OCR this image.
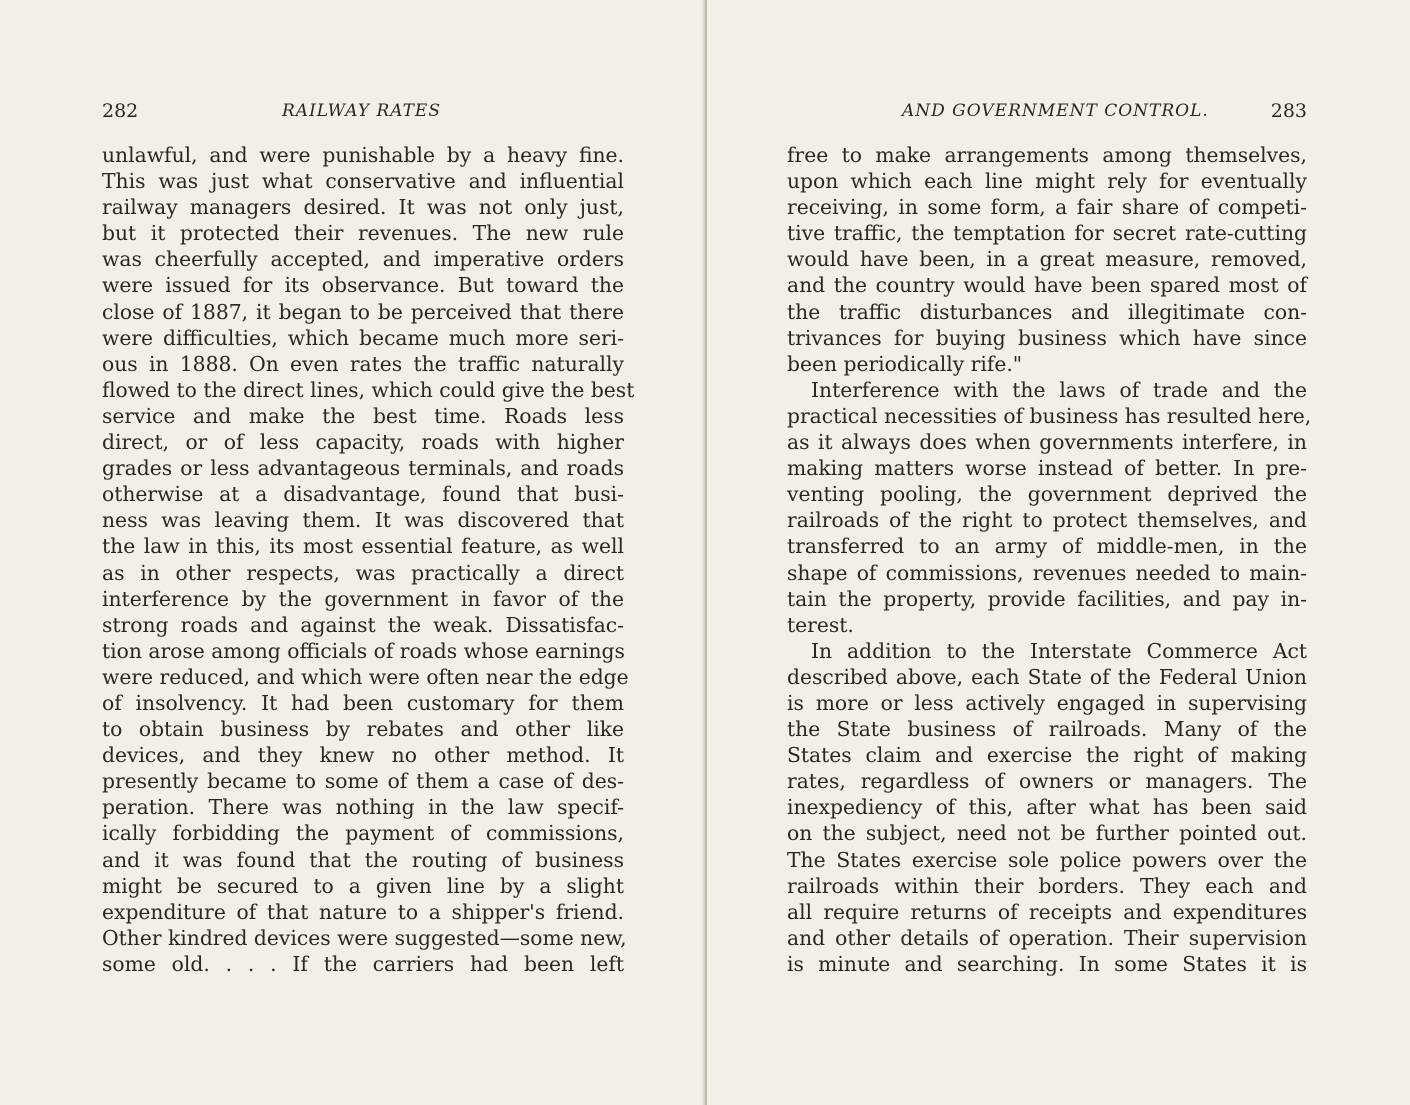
282	RAILWAY RATES
unlawful, and were punishable by a heavy fine.
This was just what conservative and influential
railway managers desired. It was not only just,
but it protected their revenues. The new rule
was cheerfully accepted, and imperative orders
were issued for its observance. But toward the
close of 1887, it began to be perceived that there
were difficulties, which became much more seri-
ous in 1888. On even rates the traffic naturally
flowed to the direct lines, which could give the best
service and make the best time. Roads less
direct, or of less capacity, roads with higher
grades or less advantageous terminals, and roads
otherwise at a disadvantage, found that busi-
ness was leaving them. It was discovered that
the law in this, its most essential feature, as well
as in other respects, was practically a direct
interference by the government in favor of the
strong roads and against the weak. Dissatisfac-
tion arose among officials of roads whose earnings
were reduced, and which were often near the edge
of insolvency. It had been customary for them
to obtain business by rebates and other like
devices, and they knew no other method. It
presently became to some of them a case of des-
peration. There was nothing in the law specif-
ically forbidding the payment of commissions,
and it was found that the routing of business
might be secured to a given line by a slight
expenditure of that nature to a shipper's friend.
Other kindred devices were suggested—some new,
some old. . . . If the carriers had been left
AND GOVERNMENT CONTROL.	283
free to make arrangements among themselves,
upon which each line might rely for eventually
receiving, in some form, a fair share of competi-
tive traffic, the temptation for secret rate-cutting
would have been, in a great measure, removed,
and the country would have been spared most of
the traffic disturbances and illegitimate con-
trivances for buying business which have since
been periodically rife."
Interference with the laws of trade and the
practical necessities of business has resulted here,
as it always does when governments interfere, in
making matters worse instead of better. In pre-
venting pooling, the government deprived the
railroads of the right to protect themselves, and
transferred to an army of middle-men, in the
shape of commissions, revenues needed to main-
tain the property, provide facilities, and pay in-
terest.
In addition to the Interstate Commerce Act
described above, each State of the Federal Union
is more or less actively engaged in supervising
the State business of railroads. Many of the
States claim and exercise the right of making
rates, regardless of owners or managers. The
inexpediency of this, after what has been said
on the subject, need not be further pointed out.
The States exercise sole police powers over the
railroads within their borders. They each and
all require returns of receipts and expenditures
and other details of operation. Their supervision
is minute and searching. In some States it is
